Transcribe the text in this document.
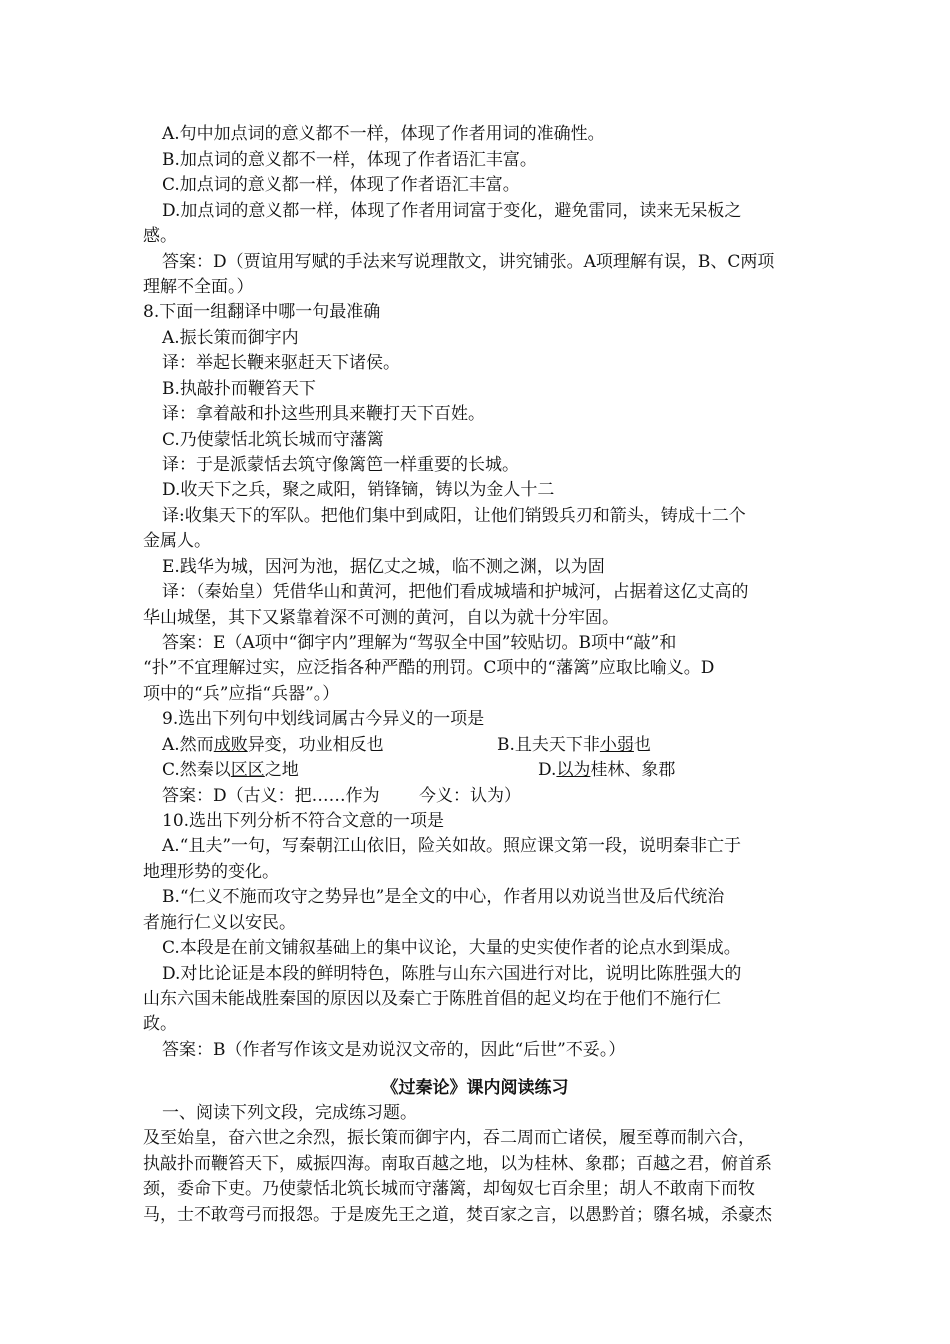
A.句中加点词的意义都不一样，体现了作者用词的准确性。
B.加点词的意义都不一样，体现了作者语汇丰富。
C.加点词的意义都一样，体现了作者语汇丰富。
D.加点词的意义都一样，体现了作者用词富于变化，避免雷同，读来无呆板之
感。
答案：D（贾谊用写赋的手法来写说理散文，讲究铺张。A项理解有误，B、C两项
理解不全面。）
8.下面一组翻译中哪一句最准确
A.振长策而御宇内
译：举起长鞭来驱赶天下诸侯。
B.执敲扑而鞭笞天下
译：拿着敲和扑这些刑具来鞭打天下百姓。
C.乃使蒙恬北筑长城而守藩篱
译：于是派蒙恬去筑守像篱笆一样重要的长城。
D.收天下之兵，聚之咸阳，销锋镝，铸以为金人十二
译:收集天下的军队。把他们集中到咸阳，让他们销毁兵刃和箭头，铸成十二个
金属人。
E.践华为城，因河为池，据亿丈之城，临不测之渊，以为固
译：（秦始皇）凭借华山和黄河，把他们看成城墙和护城河，占据着这亿丈高的
华山城堡，其下又紧靠着深不可测的黄河，自以为就十分牢固。
答案：E（A项中“御宇内”理解为“驾驭全中国”较贴切。B项中“敲”和
“扑”不宜理解过实，应泛指各种严酷的刑罚。C项中的“藩篱”应取比喻义。D
项中的“兵”应指“兵器”。）
9.选出下列句中划线词属古今异义的一项是
A.然而成败异变，功业相反也	B.且夫天下非小弱也
C.然秦以区区之地	D.以为桂林、象郡
答案：D（古义：把……作为　　 今义：认为）
10.选出下列分析不符合文意的一项是
A.“且夫”一句，写秦朝江山依旧，险关如故。照应课文第一段，说明秦非亡于
地理形势的变化。
B.“仁义不施而攻守之势异也”是全文的中心，作者用以劝说当世及后代统治
者施行仁义以安民。
C.本段是在前文铺叙基础上的集中议论，大量的史实使作者的论点水到渠成。
D.对比论证是本段的鲜明特色，陈胜与山东六国进行对比，说明比陈胜强大的
山东六国未能战胜秦国的原因以及秦亡于陈胜首倡的起义均在于他们不施行仁
政。
答案：B（作者写作该文是劝说汉文帝的，因此“后世”不妥。）
《过秦论》课内阅读练习
一、阅读下列文段，完成练习题。
及至始皇，奋六世之余烈，振长策而御宇内，吞二周而亡诸侯，履至尊而制六合，
执敲扑而鞭笞天下，威振四海。南取百越之地，以为桂林、象郡；百越之君，俯首系
颈，委命下吏。乃使蒙恬北筑长城而守藩篱，却匈奴七百余里；胡人不敢南下而牧
马，士不敢弯弓而报怨。于是废先王之道，焚百家之言，以愚黔首；隳名城，杀豪杰
